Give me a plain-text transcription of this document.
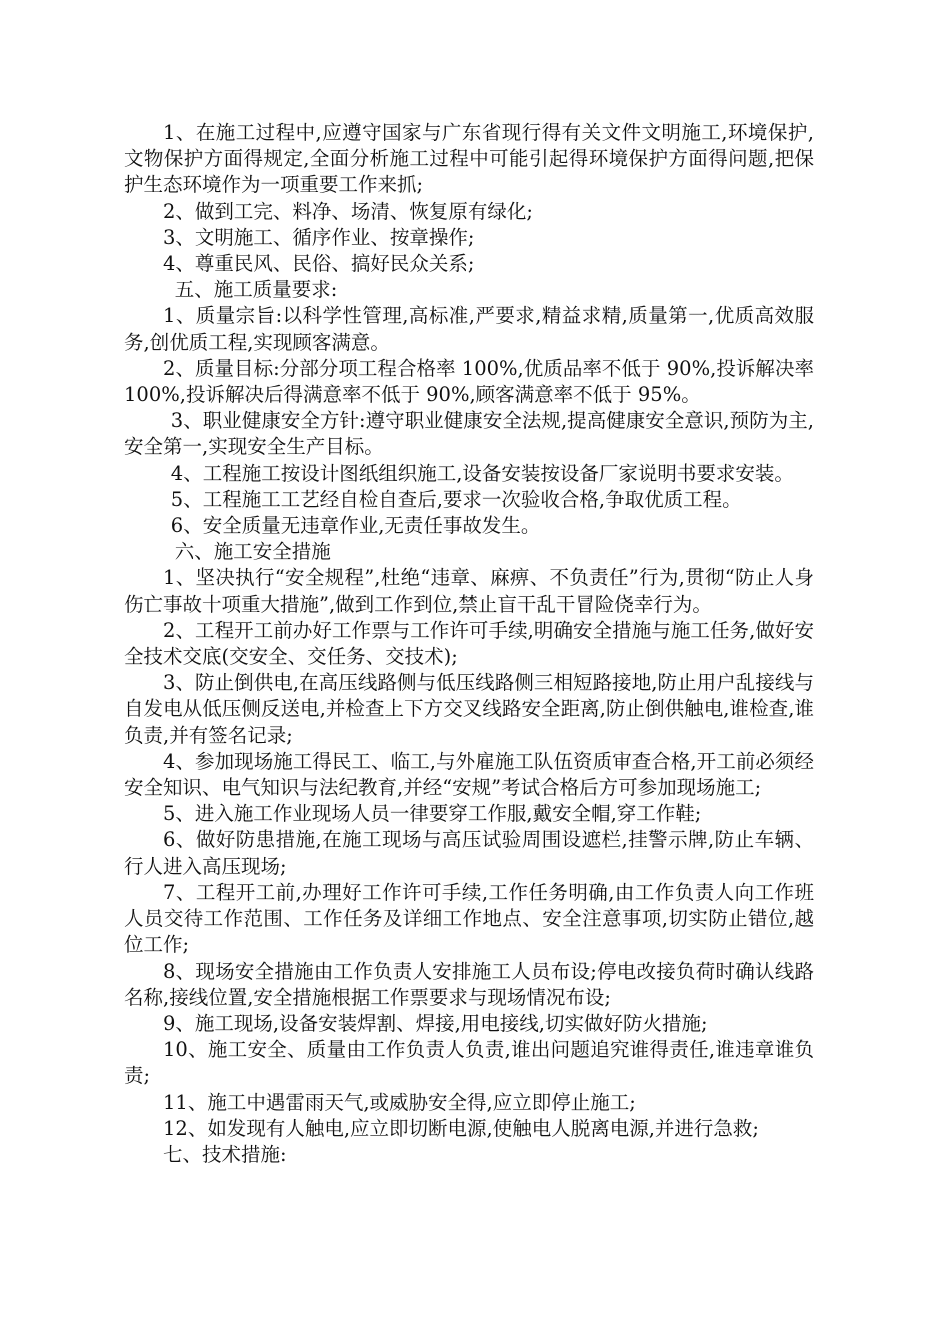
1、在施工过程中,应遵守国家与广东省现行得有关文件文明施工,环境保护,文物保护方面得规定,全面分析施工过程中可能引起得环境保护方面得问题,把保护生态环境作为一项重要工作来抓;

2、做到工完、料净、场清、恢复原有绿化;

3、文明施工、循序作业、按章操作;

4、尊重民风、民俗、搞好民众关系;

五、施工质量要求:

1、质量宗旨:以科学性管理,高标准,严要求,精益求精,质量第一,优质高效服务,创优质工程,实现顾客满意。

2、质量目标:分部分项工程合格率 100%,优质品率不低于 90%,投诉解决率 100%,投诉解决后得满意率不低于 90%,顾客满意率不低于 95%。

3、职业健康安全方针:遵守职业健康安全法规,提高健康安全意识,预防为主,安全第一,实现安全生产目标。

4、工程施工按设计图纸组织施工,设备安装按设备厂家说明书要求安装。

5、工程施工工艺经自检自查后,要求一次验收合格,争取优质工程。

6、安全质量无违章作业,无责任事故发生。

六、施工安全措施

1、坚决执行“安全规程”,杜绝“违章、麻痹、不负责任”行为,贯彻“防止人身伤亡事故十项重大措施”,做到工作到位,禁止盲干乱干冒险侥幸行为。

2、工程开工前办好工作票与工作许可手续,明确安全措施与施工任务,做好安全技术交底(交安全、交任务、交技术);

3、防止倒供电,在高压线路侧与低压线路侧三相短路接地,防止用户乱接线与自发电从低压侧反送电,并检查上下方交叉线路安全距离,防止倒供触电,谁检查,谁负责,并有签名记录;

4、参加现场施工得民工、临工,与外雇施工队伍资质审查合格,开工前必须经安全知识、电气知识与法纪教育,并经“安规”考试合格后方可参加现场施工;

5、进入施工作业现场人员一律要穿工作服,戴安全帽,穿工作鞋;

6、做好防患措施,在施工现场与高压试验周围设遮栏,挂警示牌,防止车辆、行人进入高压现场;

7、工程开工前,办理好工作许可手续,工作任务明确,由工作负责人向工作班人员交待工作范围、工作任务及详细工作地点、安全注意事项,切实防止错位,越位工作;

8、现场安全措施由工作负责人安排施工人员布设;停电改接负荷时确认线路名称,接线位置,安全措施根据工作票要求与现场情况布设;

9、施工现场,设备安装焊割、焊接,用电接线,切实做好防火措施;

10、施工安全、质量由工作负责人负责,谁出问题追究谁得责任,谁违章谁负责;

11、施工中遇雷雨天气,或威胁安全得,应立即停止施工;

12、如发现有人触电,应立即切断电源,使触电人脱离电源,并进行急救;

七、技术措施:
